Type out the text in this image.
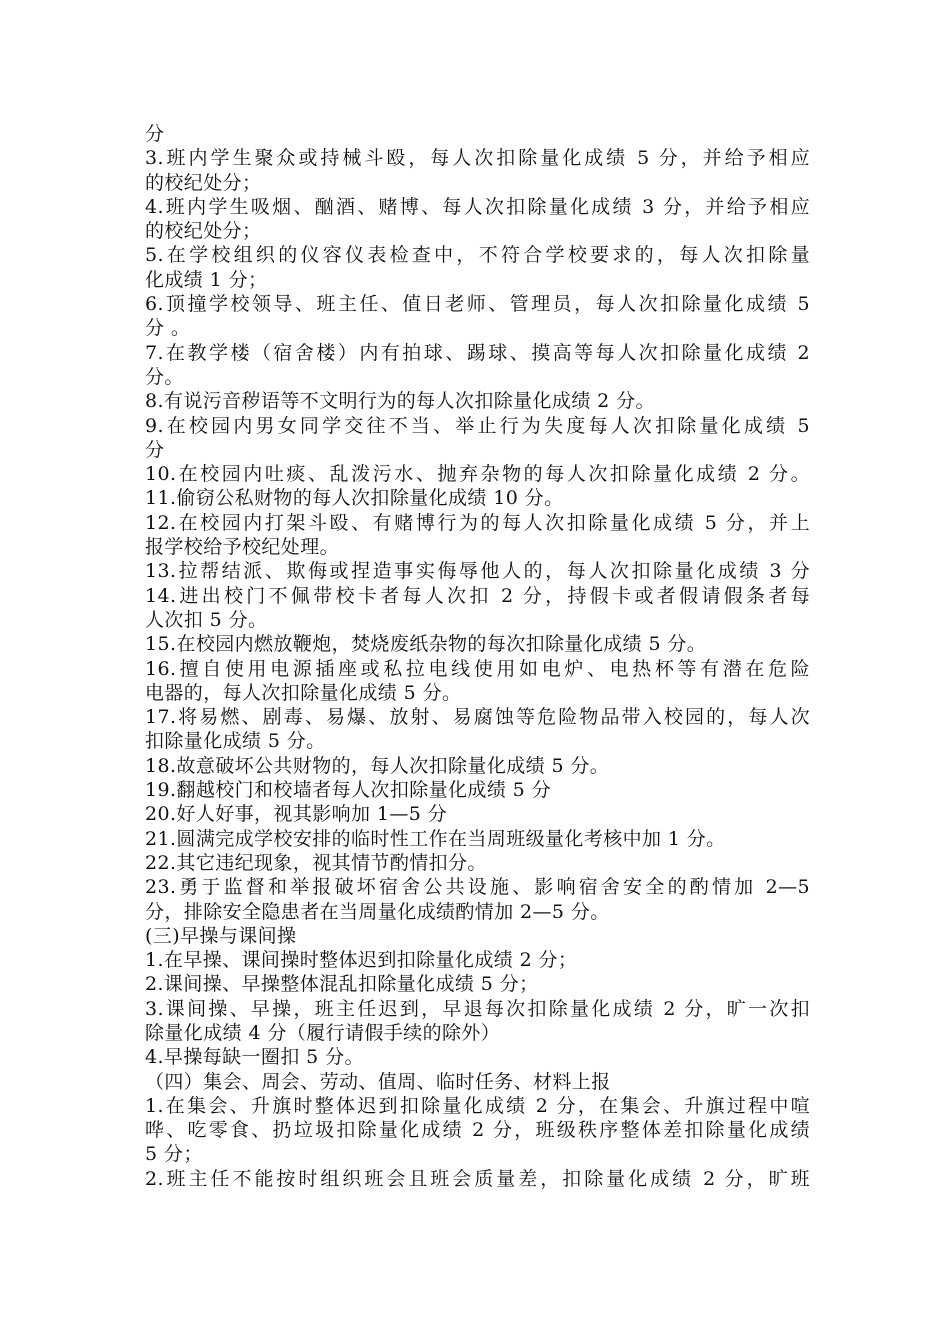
分
3.班内学生聚众或持械斗殴，每人次扣除量化成绩 5 分，并给予相应
的校纪处分；
4.班内学生吸烟、酗酒、赌博、每人次扣除量化成绩 3 分，并给予相应
的校纪处分；
5.在学校组织的仪容仪表检查中，不符合学校要求的，每人次扣除量
化成绩 1 分；
6.顶撞学校领导、班主任、值日老师、管理员，每人次扣除量化成绩 5
分 。
7.在教学楼（宿舍楼）内有拍球、踢球、摸高等每人次扣除量化成绩 2
分。
8.有说污音秽语等不文明行为的每人次扣除量化成绩 2 分。
9.在校园内男女同学交往不当、举止行为失度每人次扣除量化成绩 5
分
10.在校园内吐痰、乱泼污水、抛弃杂物的每人次扣除量化成绩 2 分。
11.偷窃公私财物的每人次扣除量化成绩 10 分。
12.在校园内打架斗殴、有赌博行为的每人次扣除量化成绩 5 分，并上
报学校给予校纪处理。
13.拉帮结派、欺侮或捏造事实侮辱他人的，每人次扣除量化成绩 3 分
14.进出校门不佩带校卡者每人次扣 2 分，持假卡或者假请假条者每
人次扣 5 分。
15.在校园内燃放鞭炮，焚烧废纸杂物的每次扣除量化成绩 5 分。
16.擅自使用电源插座或私拉电线使用如电炉、电热杯等有潜在危险
电器的，每人次扣除量化成绩 5 分。
17.将易燃、剧毒、易爆、放射、易腐蚀等危险物品带入校园的，每人次
扣除量化成绩 5 分。
18.故意破坏公共财物的，每人次扣除量化成绩 5 分。
19.翻越校门和校墙者每人次扣除量化成绩 5 分
20.好人好事，视其影响加 1—5 分
21.圆满完成学校安排的临时性工作在当周班级量化考核中加 1 分。
22.其它违纪现象，视其情节酌情扣分。
23.勇于监督和举报破坏宿舍公共设施、影响宿舍安全的酌情加 2—5
分，排除安全隐患者在当周量化成绩酌情加 2—5 分。
(三)早操与课间操
1.在早操、课间操时整体迟到扣除量化成绩 2 分；
2.课间操、早操整体混乱扣除量化成绩 5 分；
3.课间操、早操，班主任迟到，早退每次扣除量化成绩 2 分，旷一次扣
除量化成绩 4 分（履行请假手续的除外）
4.早操每缺一圈扣 5 分。
（四）集会、周会、劳动、值周、临时任务、材料上报
1.在集会、升旗时整体迟到扣除量化成绩 2 分，在集会、升旗过程中喧
哗、吃零食、扔垃圾扣除量化成绩 2 分，班级秩序整体差扣除量化成绩
5 分；
2.班主任不能按时组织班会且班会质量差，扣除量化成绩 2 分，旷班
